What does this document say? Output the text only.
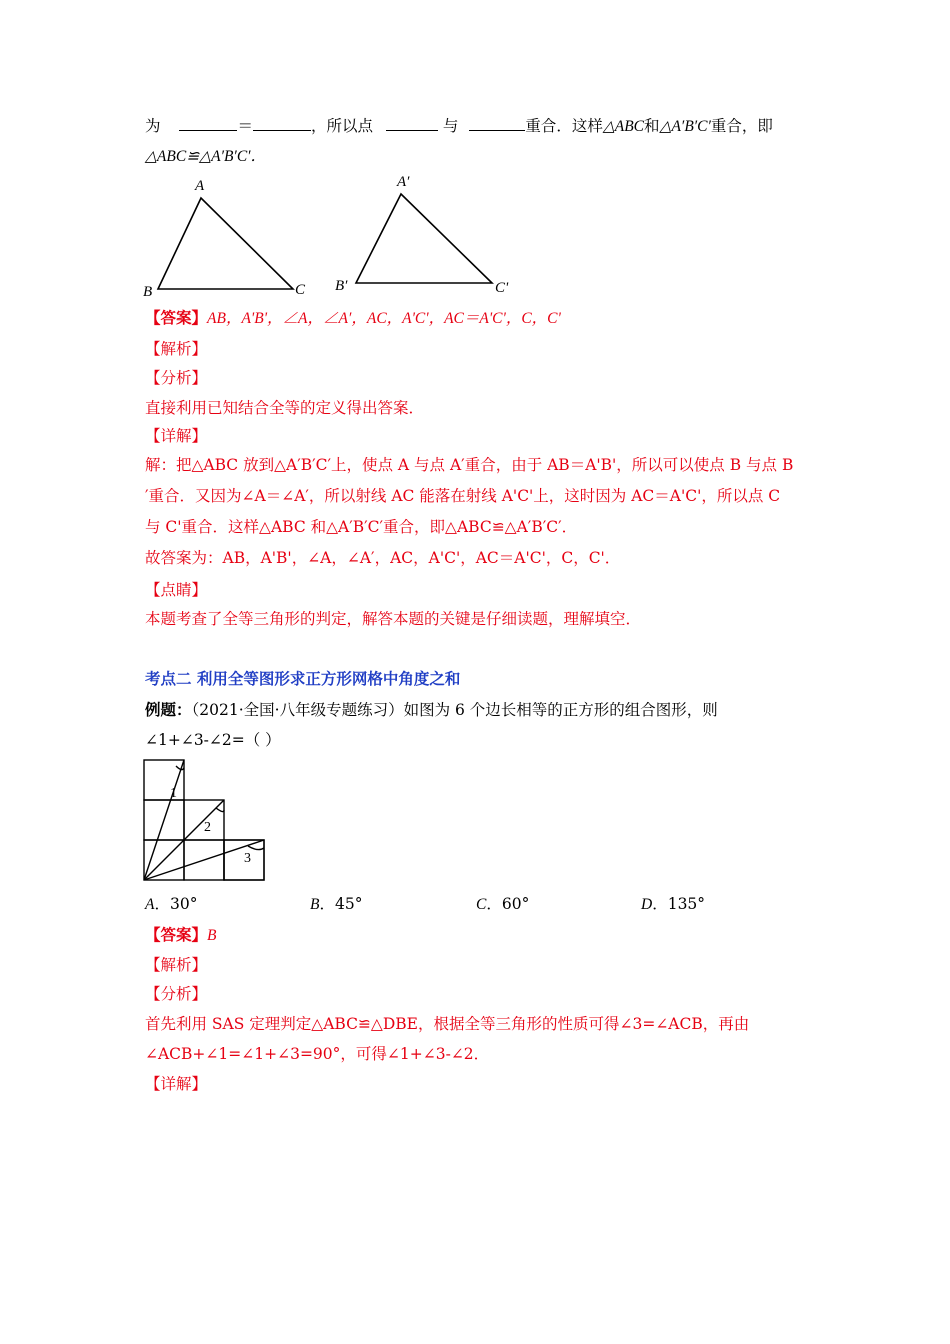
为	＝	，所以点	与	重合．这样△ABC和△A′B′C′重合，即
△ABC≌△A′B′C′．
A
B	C
A′
B′	C'
【答案】AB，A'B'，∠A，∠A′，AC，A'C'，AC＝A'C'，C，C'
【解析】
【分析】
直接利用已知结合全等的定义得出答案．
【详解】
解：把△ABC 放到△A′B′C′上，使点 A 与点 A′重合，由于 AB＝A'B'，所以可以使点 B 与点 B
′重合．又因为∠A＝∠A′，所以射线 AC 能落在射线 A'C'上，这时因为 AC＝A'C'，所以点 C
与 C'重合．这样△ABC 和△A′B′C′重合，即△ABC≌△A′B′C′．
故答案为：AB，A'B'，∠A，∠A′，AC，A'C'，AC＝A'C'，C，C'．
【点睛】
本题考查了全等三角形的判定，解答本题的关键是仔细读题，理解填空．
考点二 利用全等图形求正方形网格中角度之和
例题：（2021·全国·八年级专题练习）如图为 6 个边长相等的正方形的组合图形，则
∠1+∠3-∠2=（ ）
1
2
3
A．30°	B．45°	C．60°	D．135°
【答案】B
【解析】
【分析】
首先利用 SAS 定理判定△ABC≌△DBE，根据全等三角形的性质可得∠3=∠ACB，再由
∠ACB+∠1=∠1+∠3=90°，可得∠1+∠3-∠2．
【详解】
